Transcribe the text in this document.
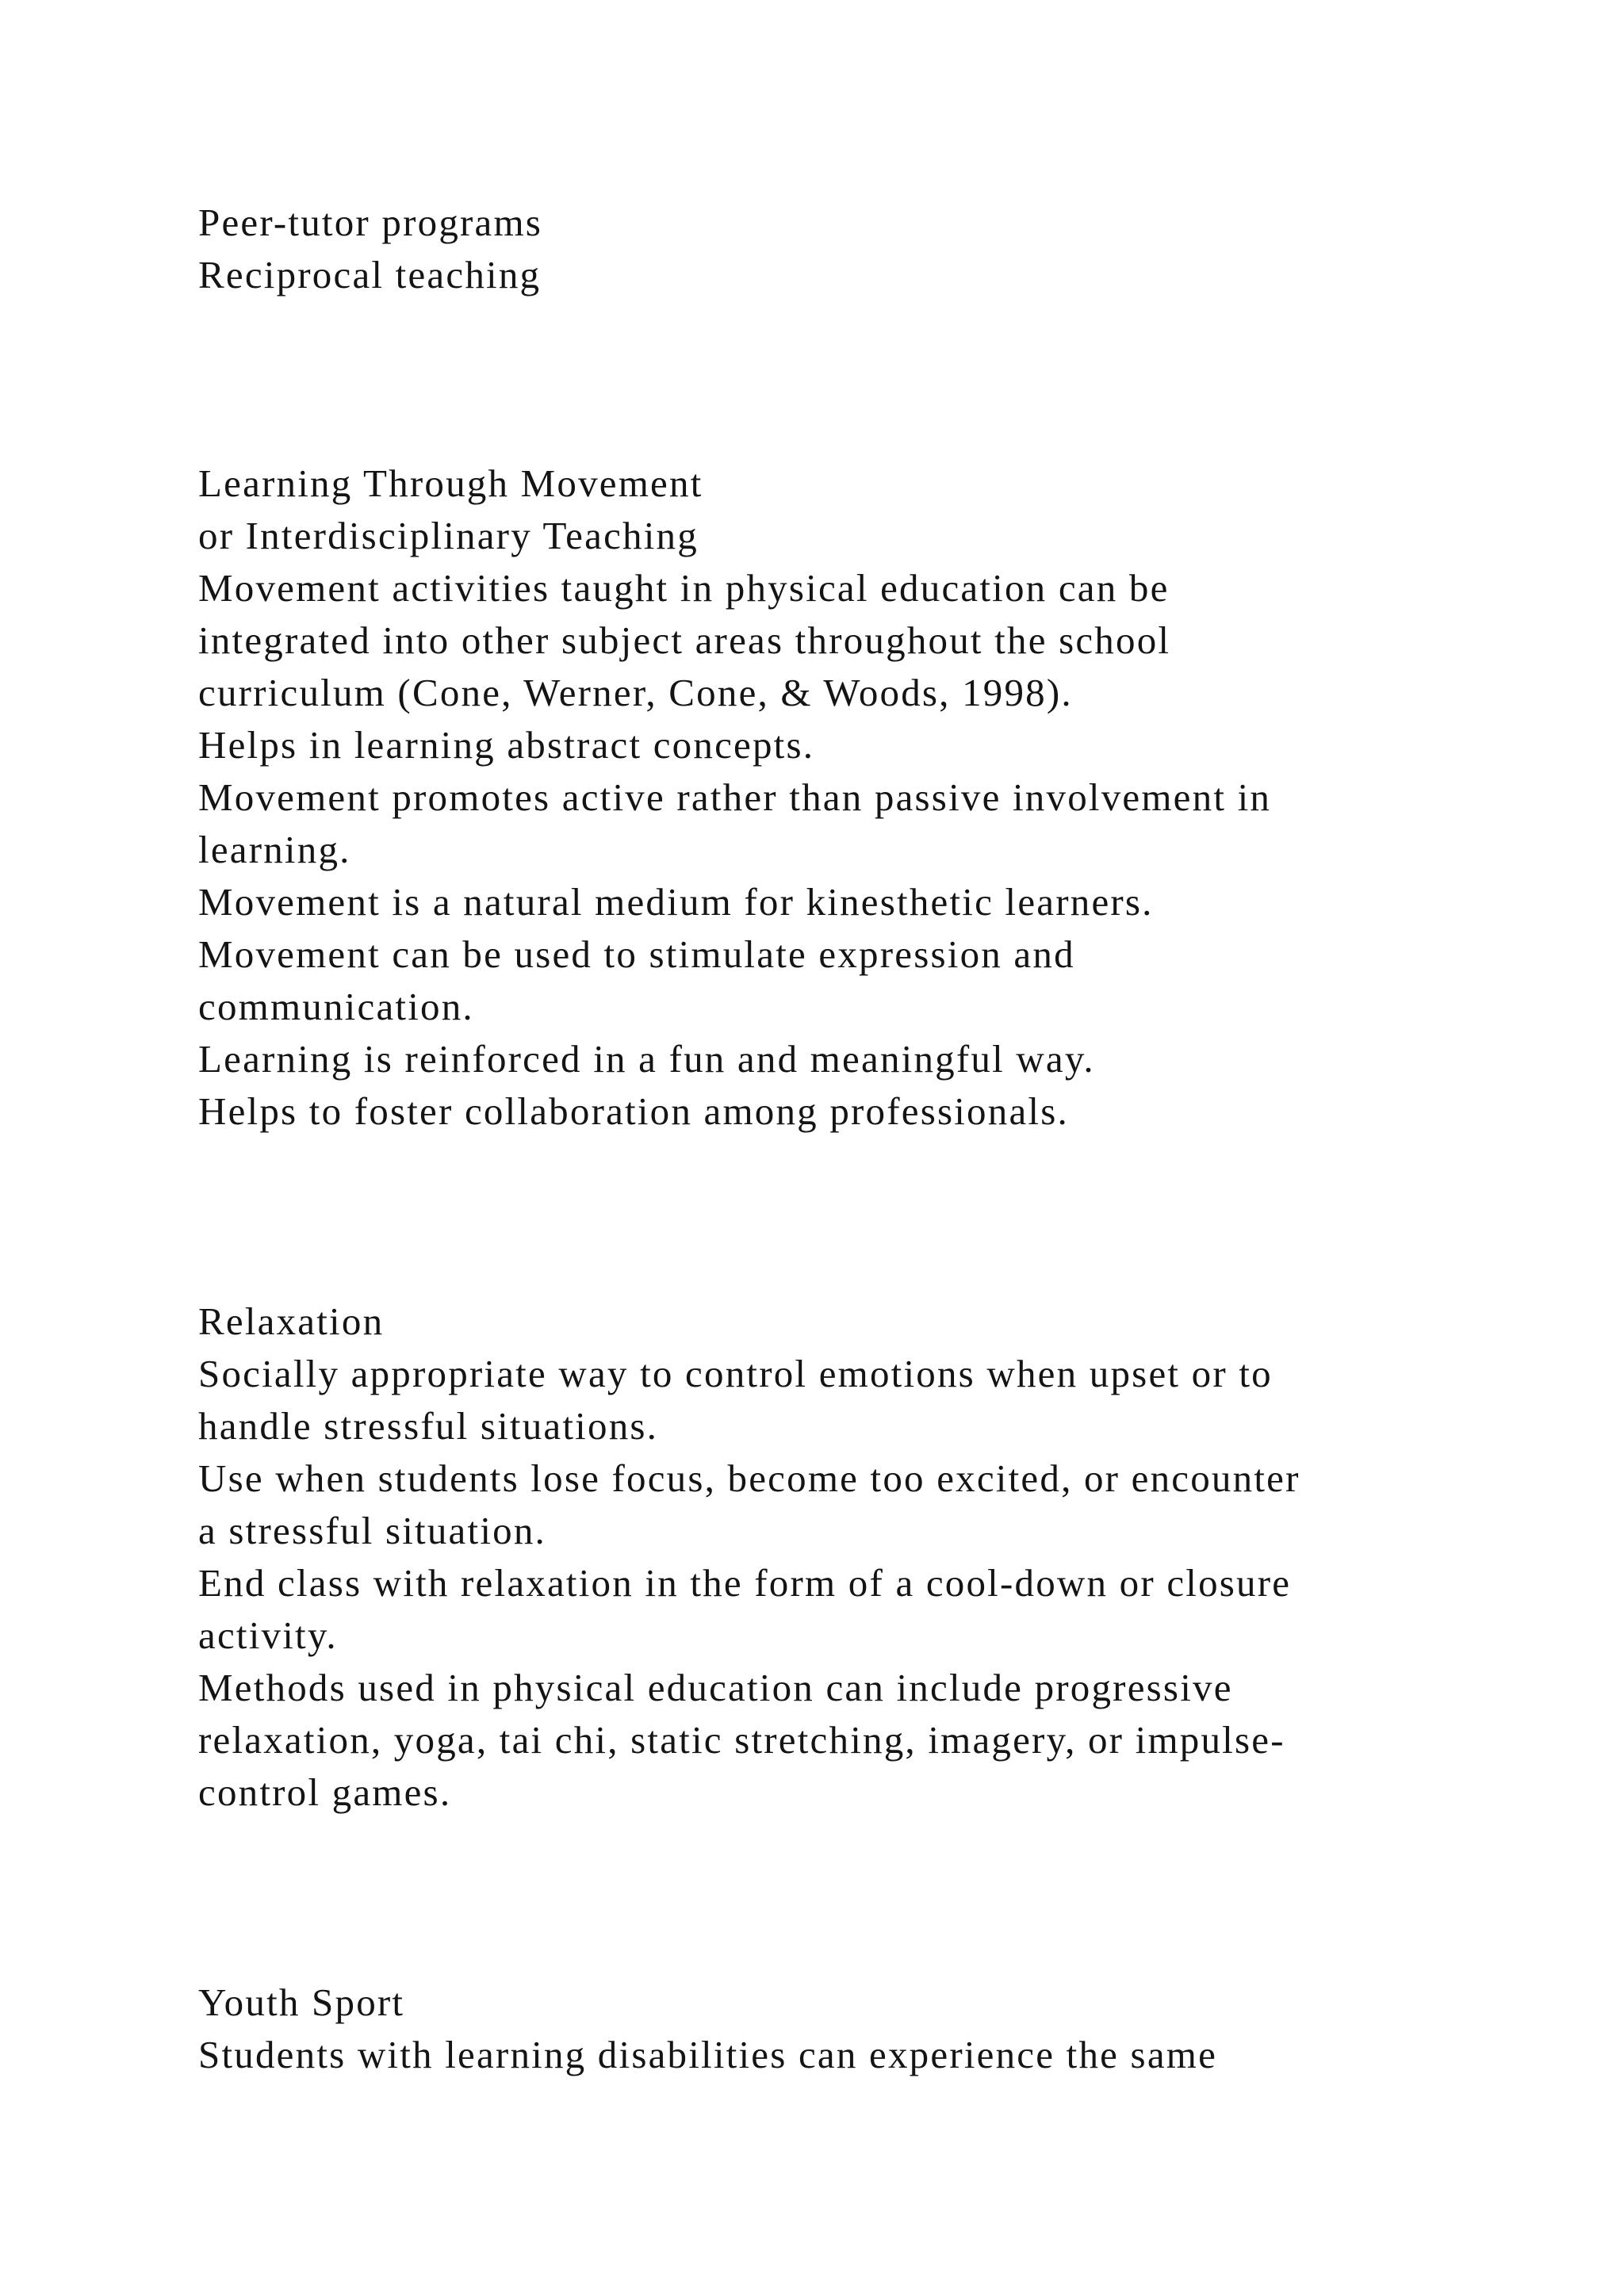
Peer-tutor programs
Reciprocal teaching
Learning Through Movement
or Interdisciplinary Teaching
Movement activities taught in physical education can be
integrated into other subject areas throughout the school
curriculum (Cone, Werner, Cone, & Woods, 1998).
Helps in learning abstract concepts.
Movement promotes active rather than passive involvement in
learning.
Movement is a natural medium for kinesthetic learners.
Movement can be used to stimulate expression and
communication.
Learning is reinforced in a fun and meaningful way.
Helps to foster collaboration among professionals.
Relaxation
Socially appropriate way to control emotions when upset or to
handle stressful situations.
Use when students lose focus, become too excited, or encounter
a stressful situation.
End class with relaxation in the form of a cool-down or closure
activity.
Methods used in physical education can include progressive
relaxation, yoga, tai chi, static stretching, imagery, or impulse-
control games.
Youth Sport
Students with learning disabilities can experience the same
